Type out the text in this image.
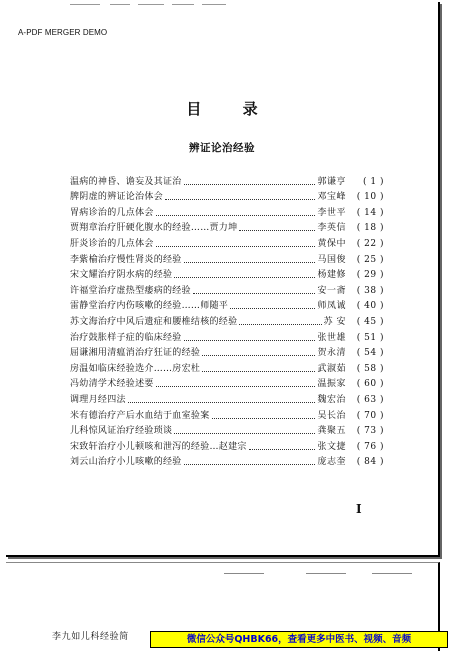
A-PDF MERGER DEMO
目 录
辨证论治经验
温病的神昏、谵妄及其证治	郭谦亨	( 1 )
脾阴虚的辨证论治体会	邓宝峰	( 10 )
胃病诊治的几点体会	李世平	( 14 )
贾翔章治疗肝硬化腹水的经验……贾力坤	李英信	( 18 )
肝炎诊治的几点体会	黄保中	( 22 )
李紫榆治疗慢性肾炎的经验	马国俊	( 25 )
宋文耀治疗阴水病的经验	杨建修	( 29 )
许福堂治疗虚热型痿病的经验	安一斋	( 38 )
雷静堂治疗内伤咳嗽的经验……师随平	师凤诚	( 40 )
苏文海治疗中风后遗症和腰椎结核的经验	苏 安	( 45 )
治疗鼓胀样子症的临床经验	张世雄	( 51 )
屈谦湘用清瘟消治疗狂证的经验	贺永清	( 54 )
房温如临床经验选介……房宏杜	武淑茹	( 58 )
冯幼清学术经验述要	温振家	( 60 )
调理月经四法	魏宏治	( 63 )
米有德治疗产后水血结于血室验案	吴长治	( 70 )
儿科惊风证治疗经验琐谈	龚聚五	( 73 )
宋致轩治疗小儿顿咳和泄泻的经验…赵建宗	张文捷	( 76 )
刘云山治疗小儿咳嗽的经验	庞志奎	( 84 )
I
李九如儿科经验简	微信公众号QHBK66，查看更多中医书、视频、音频
